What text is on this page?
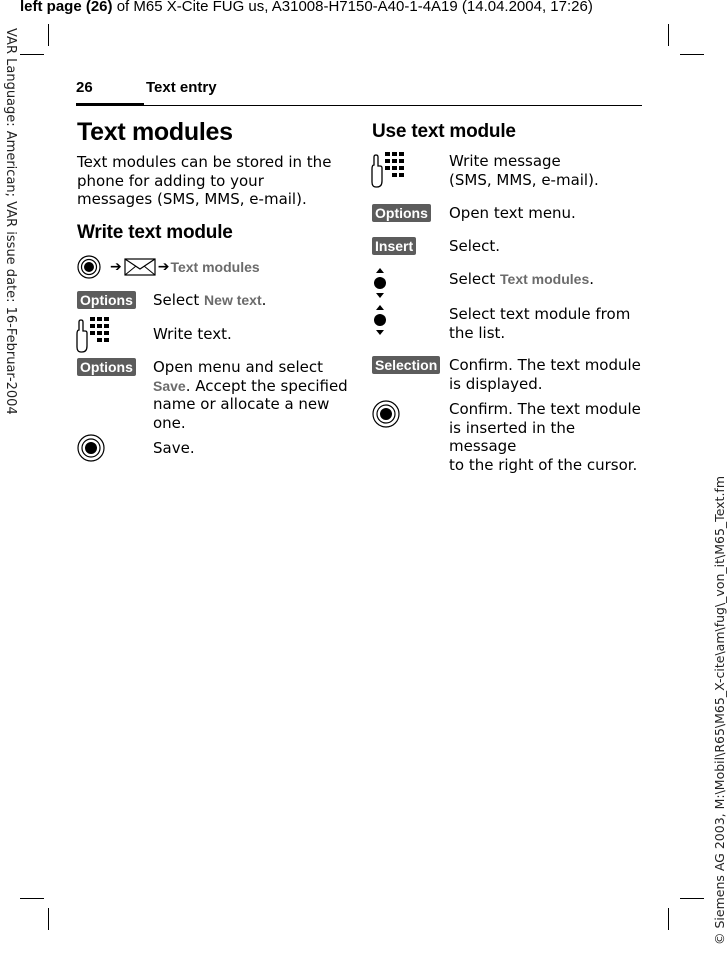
left page (26) of M65 X-Cite FUG us, A31008-H7150-A40-1-4A19 (14.04.2004, 17:26)
VAR Language: American; VAR issue date: 16-Februar-2004
© Siemens AG 2003, M:\Mobil\R65\M65_X-cite\am\fug\_von_it\M65_Text.fm
26	Text entry
Text modules
Text modules can be stored in the phone for adding to your messages (SMS, MMS, e-mail).
Write text module
➔	➔ Text modules
Options Select New text.
Write text.
Options Open menu and select
Save. Accept the specified
name or allocate a new
one.
Save.
Use text module
Write message
(SMS, MMS, e-mail).
Options Open text menu.
Insert Select.
Select Text modules.
Select text module from
the list.
Selection Confirm. The text module
is displayed.
Confirm. The text module
is inserted in the message
to the right of the cursor.
